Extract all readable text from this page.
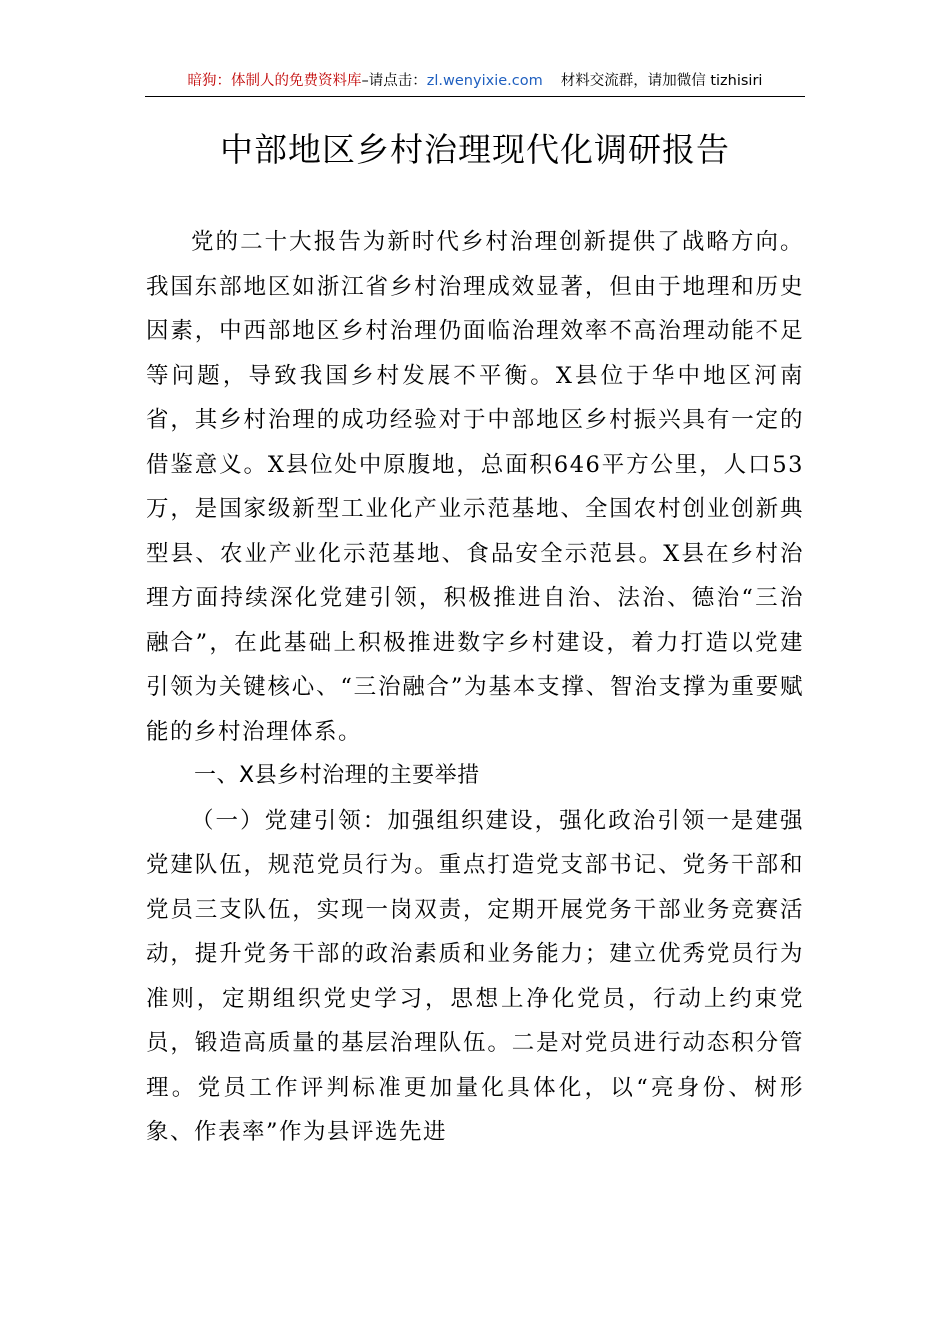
暗狗：体制人的免费资料库–请点击：zl.wenyixie.com 材料交流群，请加微信 tizhisiri
中部地区乡村治理现代化调研报告

党的二十大报告为新时代乡村治理创新提供了战略方向。我国东部地区如浙江省乡村治理成效显著，但由于地理和历史因素，中西部地区乡村治理仍面临治理效率不高治理动能不足等问题，导致我国乡村发展不平衡。X县位于华中地区河南省，其乡村治理的成功经验对于中部地区乡村振兴具有一定的借鉴意义。X县位处中原腹地，总面积646平方公里，人口53万，是国家级新型工业化产业示范基地、全国农村创业创新典型县、农业产业化示范基地、食品安全示范县。X县在乡村治理方面持续深化党建引领，积极推进自治、法治、德治“三治融合”，在此基础上积极推进数字乡村建设，着力打造以党建引领为关键核心、“三治融合”为基本支撑、智治支撑为重要赋能的乡村治理体系。

一、X县乡村治理的主要举措

（一）党建引领：加强组织建设，强化政治引领一是建强党建队伍，规范党员行为。重点打造党支部书记、党务干部和党员三支队伍，实现一岗双责，定期开展党务干部业务竞赛活动，提升党务干部的政治素质和业务能力；建立优秀党员行为准则，定期组织党史学习，思想上净化党员，行动上约束党员，锻造高质量的基层治理队伍。二是对党员进行动态积分管理。党员工作评判标准更加量化具体化，以“亮身份、树形象、作表率”作为县评选先进
